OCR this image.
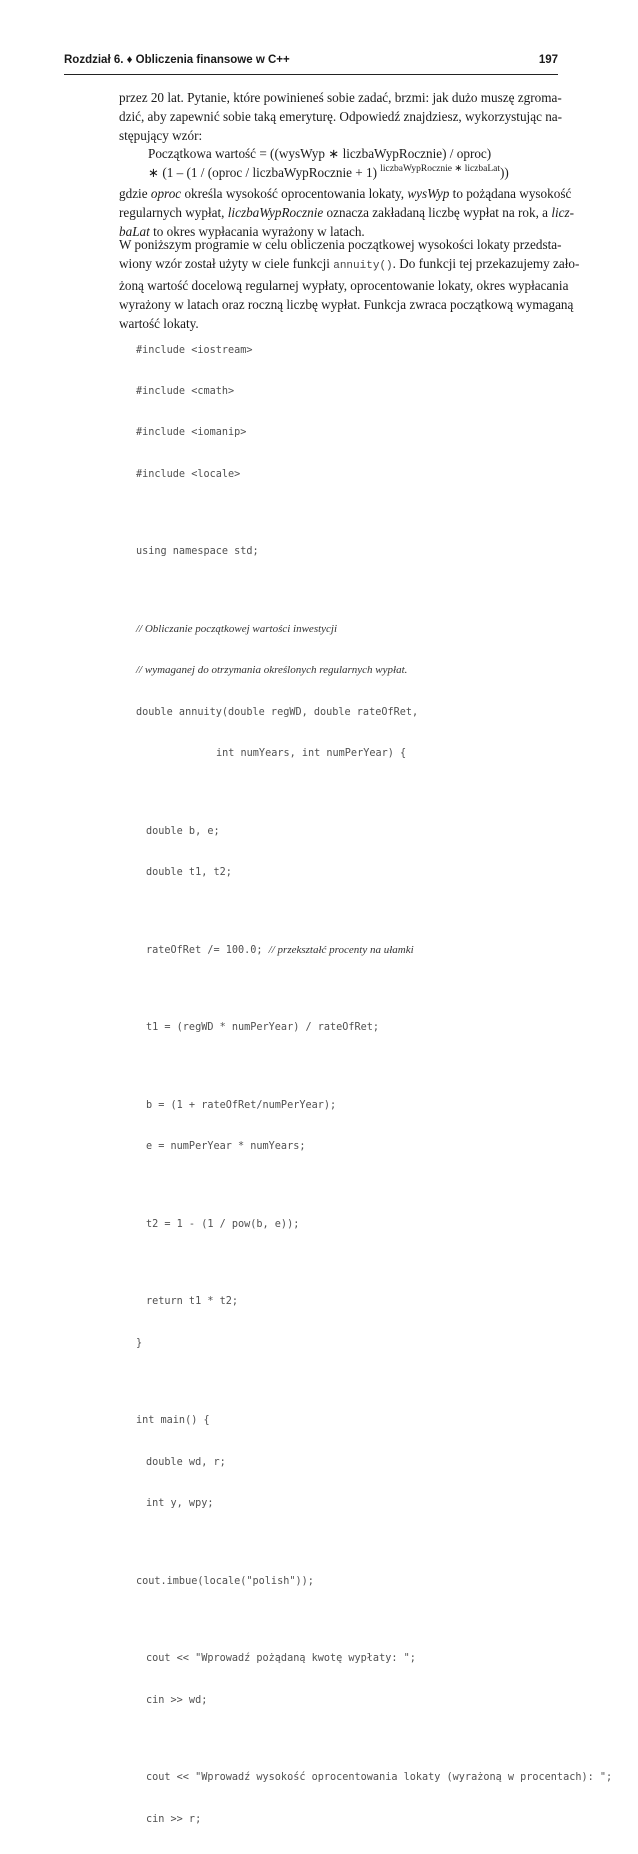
Rozdział 6. ♦ Obliczenia finansowe w C++	197
przez 20 lat. Pytanie, które powinieneś sobie zadać, brzmi: jak dużo muszę zgroma-
dzić, aby zapewnić sobie taką emeryturę. Odpowiedź znajdziesz, wykorzystując na-
stępujący wzór:
Początkowa wartość = ((wysWyp ∗ liczbaWypRocznie) / oproc)
∗ (1 – (1 / (oproc / liczbaWypRocznie + 1) $^{liczbaWypRocznie ∗ liczbaLat}$))
gdzie oproc określa wysokość oprocentowania lokaty, wysWyp to pożądana wysokość
regularnych wypłat, liczbaWypRocznie oznacza zakładaną liczbę wypłat na rok, a licz-
baLat to okres wypłacania wyrażony w latach.
W poniższym programie w celu obliczenia początkowej wysokości lokaty przedsta-
wiony wzór został użyty w ciele funkcji annuity(). Do funkcji tej przekazujemy zało-
żoną wartość docelową regularnej wypłaty, oprocentowanie lokaty, okres wypłacania
wyrażony w latach oraz roczną liczbę wypłat. Funkcja zwraca początkową wymaganą
wartość lokaty.

#include <iostream>

#include <cmath>

#include <iomanip>

#include <locale>

using namespace std;

// Obliczanie początkowej wartości inwestycji

// wymaganej do otrzymania określonych regularnych wypłat.

double annuity(double regWD, double rateOfRet,

int numYears, int numPerYear) {

double b, e;

double t1, t2;

rateOfRet /= 100.0; // przekształć procenty na ułamki

t1 = (regWD * numPerYear) / rateOfRet;

b = (1 + rateOfRet/numPerYear);

e = numPerYear * numYears;

t2 = 1 - (1 / pow(b, e));

return t1 * t2;

}

int main() {

double wd, r;

int y, wpy;

cout.imbue(locale("polish"));

cout << "Wprowadź pożądaną kwotę wypłaty: ";

cin >> wd;

cout << "Wprowadź wysokość oprocentowania lokaty (wyrażoną w procentach): ";

cin >> r;
